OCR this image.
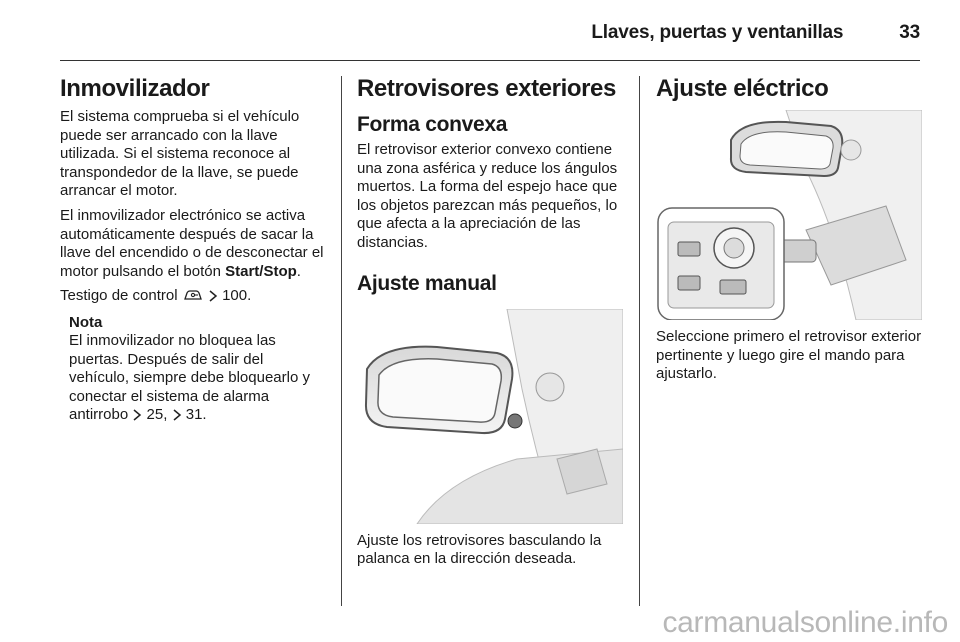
Llaves, puertas y ventanillas	33
Inmovilizador

El sistema comprueba si el vehículo puede ser arrancado con la llave utilizada. Si el sistema reconoce al transpondedor de la llave, se puede arrancar el motor.

El inmovilizador electrónico se activa automáticamente después de sacar la llave del encendido o de desconectar el motor pulsando el botón Start/Stop.

Testigo de control   100.

Nota

El inmovilizador no bloquea las puertas. Después de salir del vehículo, siempre debe bloquearlo y conectar el sistema de alarma antirrobo  25,  31.

Retrovisores exteriores
Forma convexa

El retrovisor exterior convexo contiene una zona asférica y reduce los ángulos muertos. La forma del espejo hace que los objetos parezcan más pequeños, lo que afecta a la apreciación de las distancias.

Ajuste manual

Ajuste los retrovisores basculando la palanca en la dirección deseada.

Ajuste eléctrico

Seleccione primero el retrovisor exterior pertinente y luego gire el mando para ajustarlo.

carmanualsonline.info
